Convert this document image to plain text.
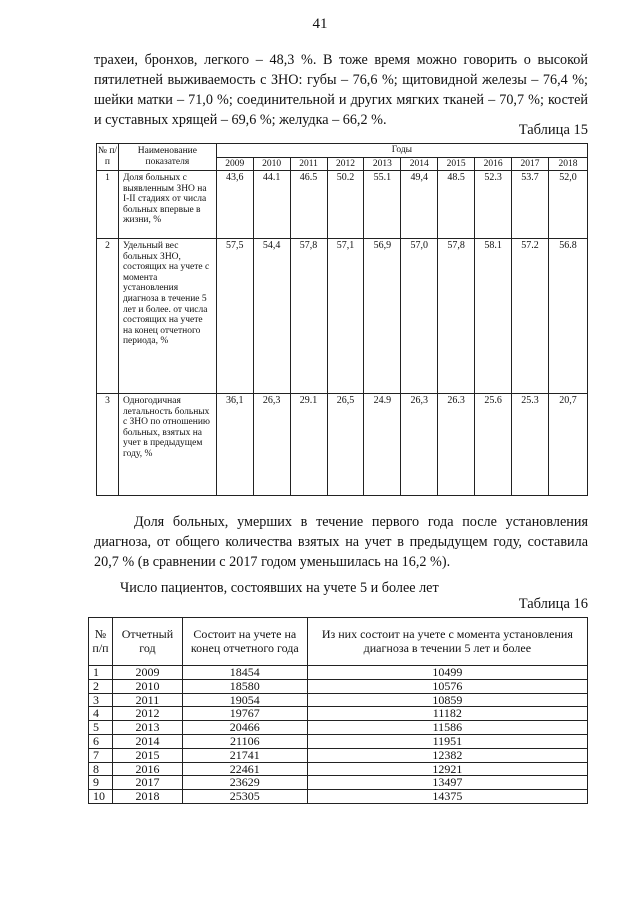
41
трахеи, бронхов, легкого – 48,3 %. В тоже время можно говорить о высокой пятилетней выживаемость с ЗНО: губы – 76,6 %; щитовидной железы – 76,4 %; шейки матки – 71,0 %; соединительной и других мягких тканей – 70,7 %; костей и суставных хрящей – 69,6 %; желудка – 66,2 %.
Таблица 15
№ п/п	Наименование показателя	Годы									
		2009	2010	2011	2012	2013	2014	2015	2016	2017	2018
1	Доля больных с выявленным ЗНО на I-II стадиях от числа больных впервые в жизни, %	43,6	44.1	46.5	50.2	55.1	49,4	48.5	52.3	53.7	52,0
2	Удельный вес больных ЗНО, состоящих на учете с момента установления диагноза в течение 5 лет и более. от числа состоящих на учете на конец отчетного периода, %	57,5	54,4	57,8	57,1	56,9	57,0	57,8	58.1	57.2	56.8
3	Одногодичная летальность больных с ЗНО по отношению больных, взятых на учет в предыдущем году, %	36,1	26,3	29.1	26,5	24.9	26,3	26.3	25.6	25.3	20,7
Доля больных, умерших в течение первого года после установления диагноза, от общего количества взятых на учет в предыдущем году, составила 20,7 % (в сравнении с 2017 годом уменьшилась на 16,2 %).
Число пациентов, состоявших на учете 5 и более лет
Таблица 16
№ п/п	Отчетный год	Состоит на учете на конец отчетного года	Из них состоит на учете с момента установления диагноза в течении 5 лет и более
1	2009	18454	10499
2	2010	18580	10576
3	2011	19054	10859
4	2012	19767	11182
5	2013	20466	11586
6	2014	21106	11951
7	2015	21741	12382
8	2016	22461	12921
9	2017	23629	13497
10	2018	25305	14375
